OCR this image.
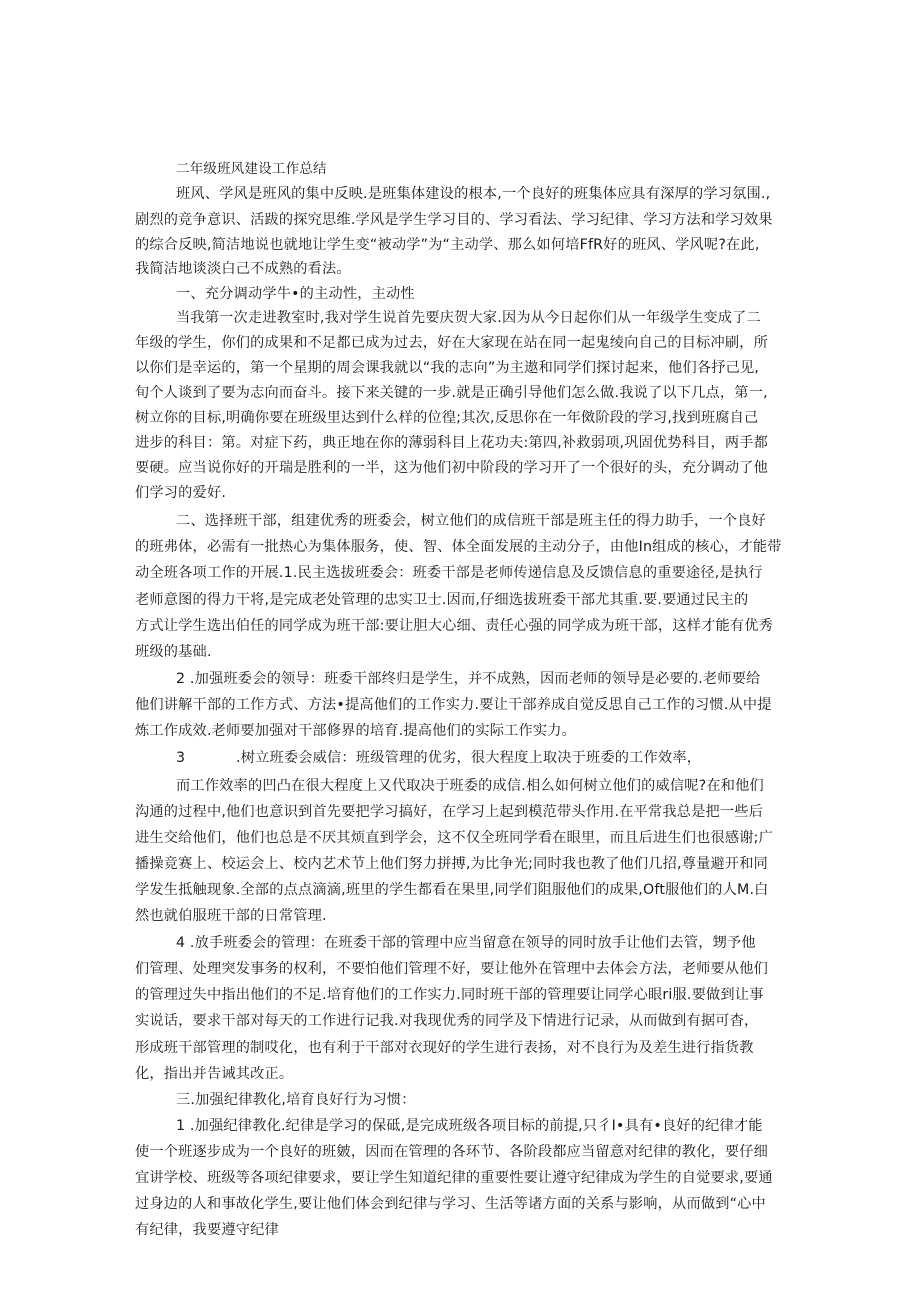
二年级班风建设工作总结
班风、学风是班风的集中反映.是班集体建设的根本,一个良好的班集体应具有深厚的学习氛围.,
剧烈的竞争意识、活跋的探究思维.学风是学生学习目的、学习看法、学习纪律、学习方法和学习效果
的综合反映,简洁地说也就地让学生变“被动学”为“主动学、那么如何培FfR好的班风、学风呢?在此,
我简洁地谈淡白己不成熟的看法。
一、充分调动学牛•的主动性，主动性
当我第一次走进教室时,我对学生说首先要庆贺大家.因为从今日起你们从一年级学生变成了二
年级的学生，你们的成果和不足都已成为过去，好在大家现在站在同一起鬼绫向自己的目标冲刷，所
以你们是幸运的，第一个星期的周会课我就以“我的志向”为主遨和同学们探讨起来，他们各抒己见,
旬个人谈到了要为志向而奋斗。接下来关键的一步.就是正确引导他们怎么做.我说了以下几点，第一,
树立你的目标,明确你要在班级里达到什么样的位徨;其次,反思你在一年傚阶段的学习,找到班腐自己
进步的科目：第。对症下药，典正地在你的薄弱科目上花功夫:第四,补救弱项,巩固优势科目，两手都
要硬。应当说你好的开瑞是胜利的一半，这为他们初中阶段的学习开了一个很好的头，充分调动了他
们学习的爱好.
二、选择班干部，组建优秀的班委会，树立他们的成信班干部是班主任的得力助手，一个良好
的班弗体，必需有一批热心为集体服务，使、智、体全面发展的主动分子，由他In组成的核心，才能带
动全班各项工作的开展.1.民主选拔班委会：班委干部是老师传递信息及反馈信息的重要途径,是执行
老师意图的得力干将,是完成老处管理的忠实卫士.因而,仔细选拔班委干部尤其重.要.要通过民主的
方式让学生选出伯任的同学成为班干部:要让胆大心细、责任心强的同学成为班干部，这样才能有优秀
班级的基础.
2 .加强班委会的领导：班委干部终归是学生，并不成熟，因而老师的领导是必要的.老师要给
他们讲解干部的工作方式、方法•提高他们的工作实力.要让干部养成自觉反思自己工作的习惯.从中提
炼工作成效.老师要加强对干部修界的培育.提高他们的实际工作实力。
3	.树立班委会威信：班级管理的优劣，很大程度上取决于班委的工作效率，
而工作效率的凹凸在很大程度上又代取决于班委的成信.相么如何树立他们的威信呢?在和他们
沟通的过程中,他们也意识到首先要把学习搞好，在学习上起到模范带头作用.在平常我总是把一些后
进生交给他们，他们也总是不厌其烦直到学会，这不仅全班同学看在眼里，而且后进生们也很感谢;广
播操竞赛上、校运会上、校内艺术节上他们努力拼搏,为比争光;同时我也教了他们几招,尊量避开和同
学发生抵触现象.全部的点点滴滴,班里的学生都看在果里,同学们阻服他们的成果,Oft服他们的人M.白
然也就伯服班干部的日常管理.
4 .放手班委会的管理：在班委干部的管理中应当留意在领导的同时放手让他们去管，甥予他
们管理、处理突发事务的权利，不要怕他们管理不好，要让他外在管理中去体会方法，老师要从他们
的管理过失中指出他们的不足.培育他们的工作实力.同时班干部的管理要让同学心眼ri服.要做到让事
实说话，要求干部对每天的工作进行记我.对我现优秀的同学及下情进行记录，从而做到有据可杳，
形成班干部管理的制哎化，也有利于干部对衣现好的学生进行表扬，对不良行为及差生进行指货教
化，指出并告诫其改正。
三.加强纪律教化,培育良好行为习惯：
1 .加强纪律教化.纪律是学习的保砥,是完成班级各项目标的前提,只彳I•具有•良好的纪律才能
使一个班逐步成为一个良好的班皴，因而在管理的各环节、各阶段都应当留意对纪律的教化，要仔细
宜讲学校、班级等各项纪律要求，要让学生知道纪律的重要性要让遵守纪律成为学生的自觉要求,要通
过身边的人和事故化学生,要让他们体会到纪律与学习、生活等诸方面的关系与影响，从而做到“心中
有纪律，我要遵守纪律
